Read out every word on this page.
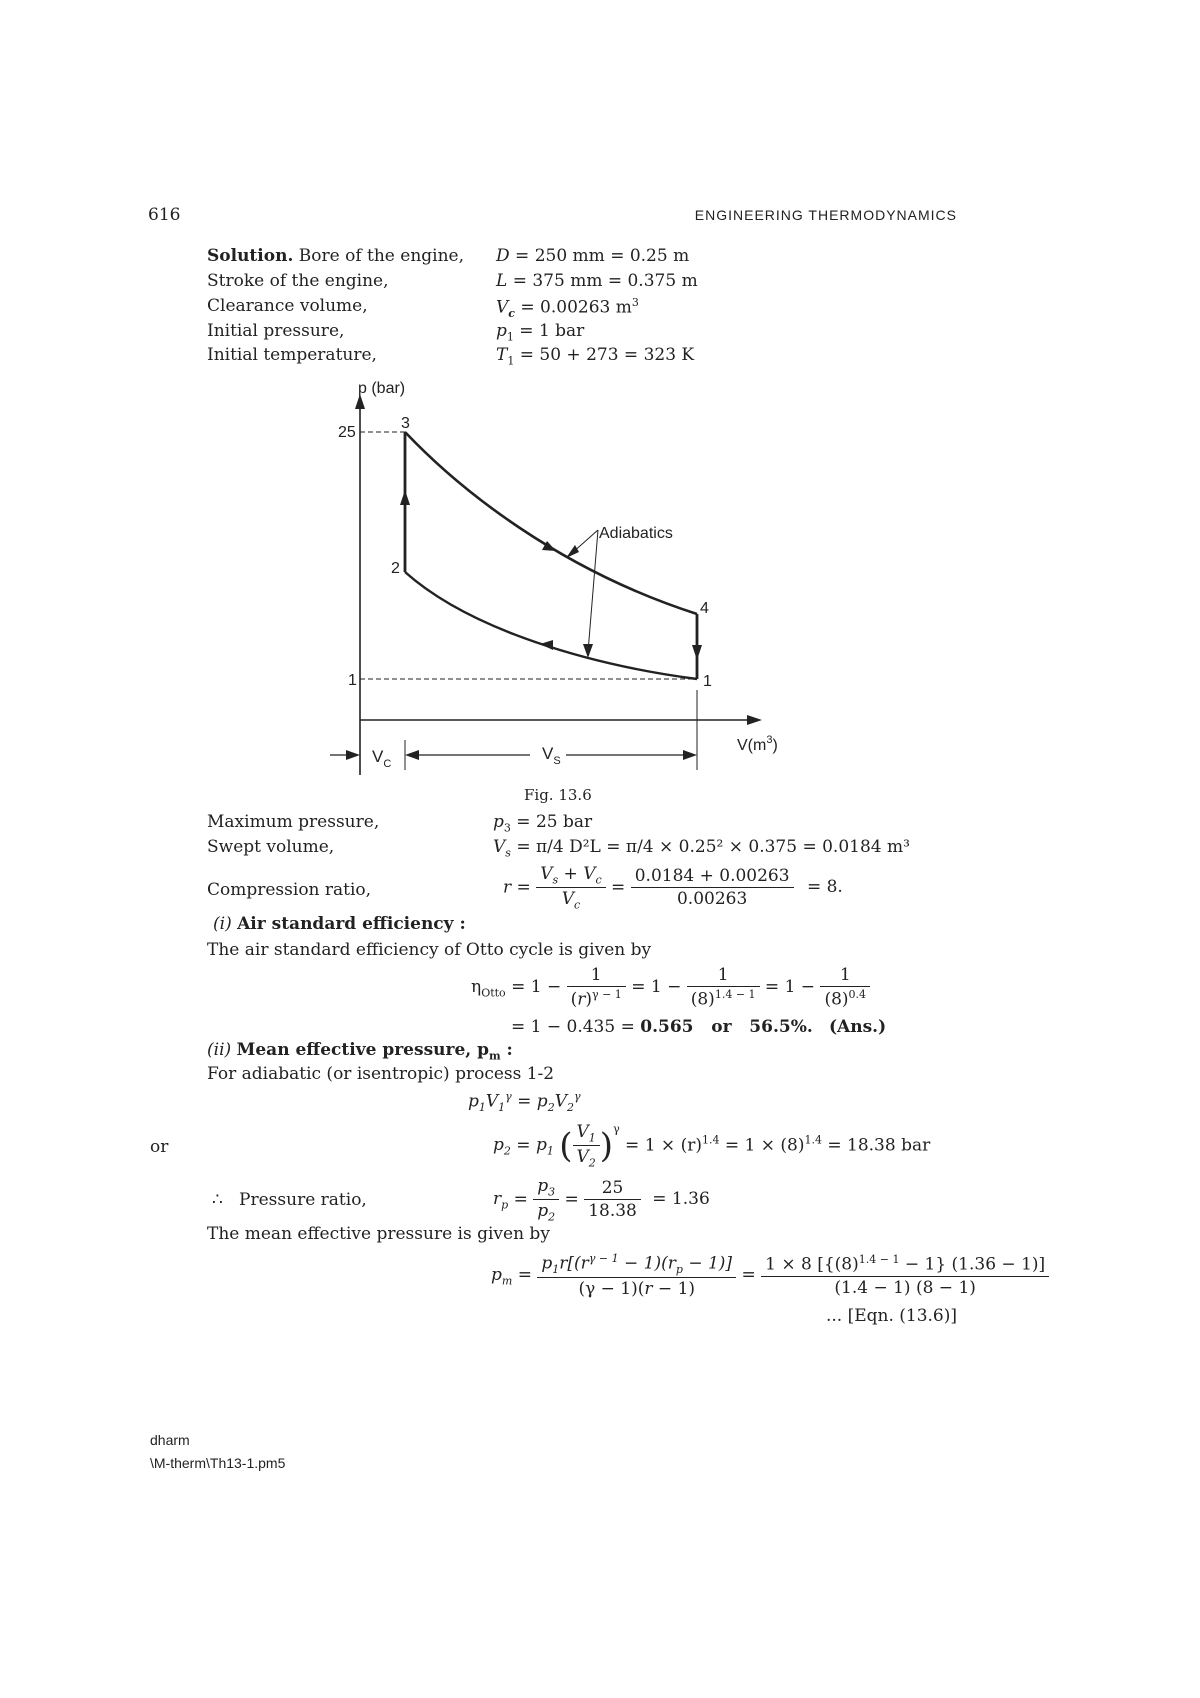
616	ENGINEERING THERMODYNAMICS
Solution. Bore of the engine, D = 250 mm = 0.25 m
Stroke of the engine,	L = 375 mm = 0.375 m
Clearance volume,	$V_c = 0.00263$ $m^3$
Initial pressure,	$p_1 = 1$ bar
Initial temperature,	$T_1 = 50 + 273 = 323$ K
p (bar)
$V(m^3)$
25
1
3
2
4
1
Adiabatics
$V_C$
$V_S$
Fig. 13.6
Maximum pressure,	$p_3 = 25$ bar
Swept volume,	$V_s = \pi/4$ D²L = π/4 × 0.25² × 0.375 = 0.0184 m³
Compression ratio,	$r = \frac{V_s + V_c}{V_c} = \frac{0.0184 + 0.00263}{0.00263} = 8$.
(i) Air standard efficiency :
The air standard efficiency of Otto cycle is given by
$\eta_{Otto} = 1 - \frac{1}{(r)^{\gamma - 1}} = 1 - \frac{1}{(8)^{1.4 - 1}} = 1 - \frac{1}{(8)^{0.4}}$
= 1 − 0.435 = 0.565   or   56.5%. (Ans.)
(ii) Mean effective pressure, $p_m$ :
For adiabatic (or isentropic) process 1-2
$p_1V_1^\gamma = p_2V_2^\gamma$
or	$p_2 = p_1$ ( $\frac{V_1}{V_2} )^\gamma = 1 \times (r)^{1.4} = 1 \times (8)^{1.4} = 18.38$ bar
∴ Pressure ratio,	$r_p = \frac{p_3}{p_2} = \frac{25}{18.38} = 1.36$
The mean effective pressure is given by
$p_m = \frac{p_1r[(r^{\gamma - 1} - 1)(r_p - 1)]}{(\gamma - 1)(r - 1)} = \frac{1 \times 8 [\{(8)^{1.4 - 1} - 1\} (1.36 - 1)]}{(1.4 - 1) (8 - 1)}$
... [Eqn. (13.6)]
dharm
\M-therm\Th13-1.pm5
